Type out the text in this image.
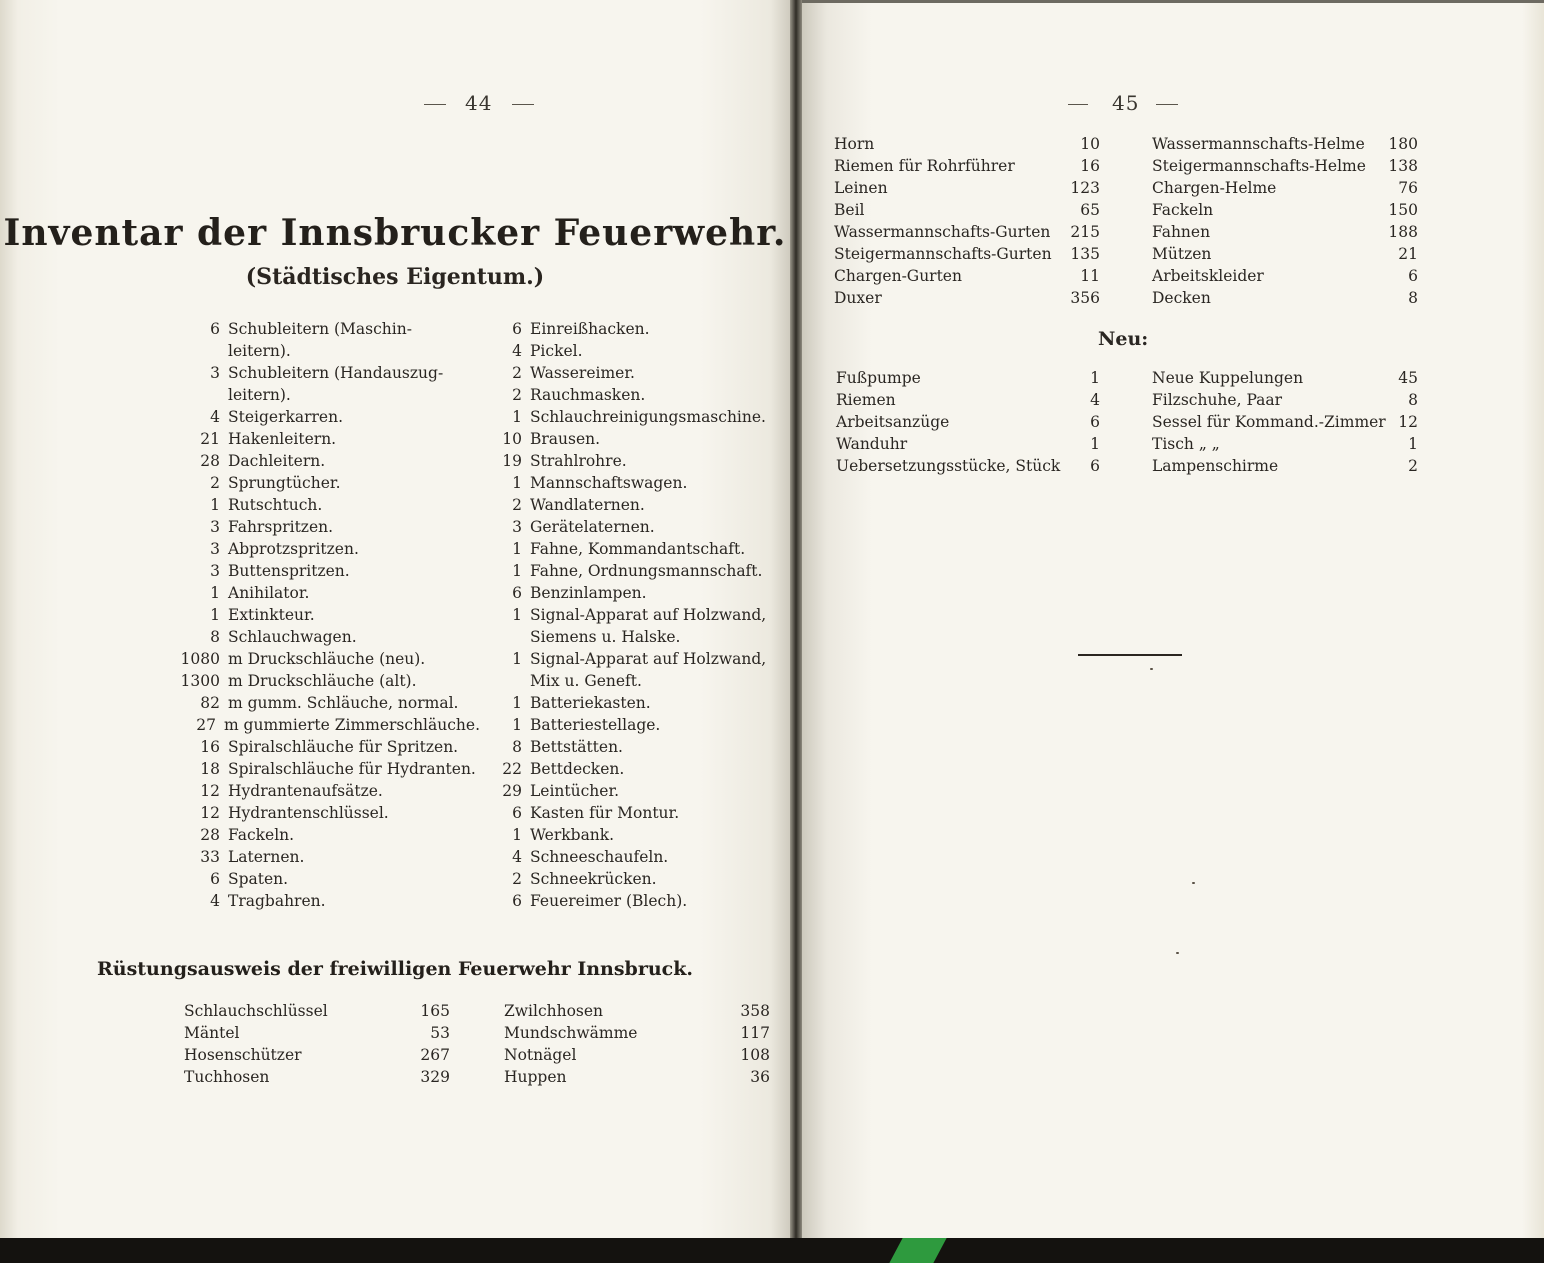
44
Inventar der Innsbrucker Feuerwehr.
(Städtisches Eigentum.)
6 Schubleitern (Maschin-
leitern).
3 Schubleitern (Handauszug-
leitern).
4 Steigerkarren.
21 Hakenleitern.
28 Dachleitern.
2 Sprungtücher.
1 Rutschtuch.
3 Fahrspritzen.
3 Abprotzspritzen.
3 Buttenspritzen.
1 Anihilator.
1 Extinkteur.
8 Schlauchwagen.
1080 m Druckschläuche (neu).
1300 m Druckschläuche (alt).
82 m gumm. Schläuche, normal.
27 m gummierte Zimmerschläuche.
16 Spiralschläuche für Spritzen.
18 Spiralschläuche für Hydranten.
12 Hydrantenaufsätze.
12 Hydrantenschlüssel.
28 Fackeln.
33 Laternen.
6 Spaten.
4 Tragbahren.
6 Einreißhacken.
4 Pickel.
2 Wassereimer.
2 Rauchmasken.
1 Schlauchreinigungsmaschine.
10 Brausen.
19 Strahlrohre.
1 Mannschaftswagen.
2 Wandlaternen.
3 Gerätelaternen.
1 Fahne, Kommandantschaft.
1 Fahne, Ordnungsmannschaft.
6 Benzinlampen.
1 Signal-Apparat auf Holzwand,
Siemens u. Halske.
1 Signal-Apparat auf Holzwand,
Mix u. Geneft.
1 Batteriekasten.
1 Batteriestellage.
8 Bettstätten.
22 Bettdecken.
29 Leintücher.
6 Kasten für Montur.
1 Werkbank.
4 Schneeschaufeln.
2 Schneekrücken.
6 Feuereimer (Blech).
Rüstungsausweis der freiwilligen Feuerwehr Innsbruck.
Schlauchschlüssel	165
Mäntel	53
Hosenschützer	267
Tuchhosen	329
Zwilchhosen	358
Mundschwämme	117
Notnägel	108
Huppen	36
45
Horn	10
Riemen für Rohrführer	16
Leinen	123
Beil	65
Wassermannschafts-Gurten 215
Steigermannschafts-Gurten 135
Chargen-Gurten	11
Duxer	356
Wassermannschafts-Helme 180
Steigermannschafts-Helme 138
Chargen-Helme	76
Fackeln	150
Fahnen	188
Mützen	21
Arbeitskleider	6
Decken	8
Fußpumpe	1
Riemen	4
Arbeitsanzüge	6
Wanduhr	1
Uebersetzungsstücke, Stück 6
Neue Kuppelungen	45
Filzschuhe, Paar	8
Sessel für Kommand.-Zimmer 12
Tisch „ „	1
Lampenschirme	2
Neu:
